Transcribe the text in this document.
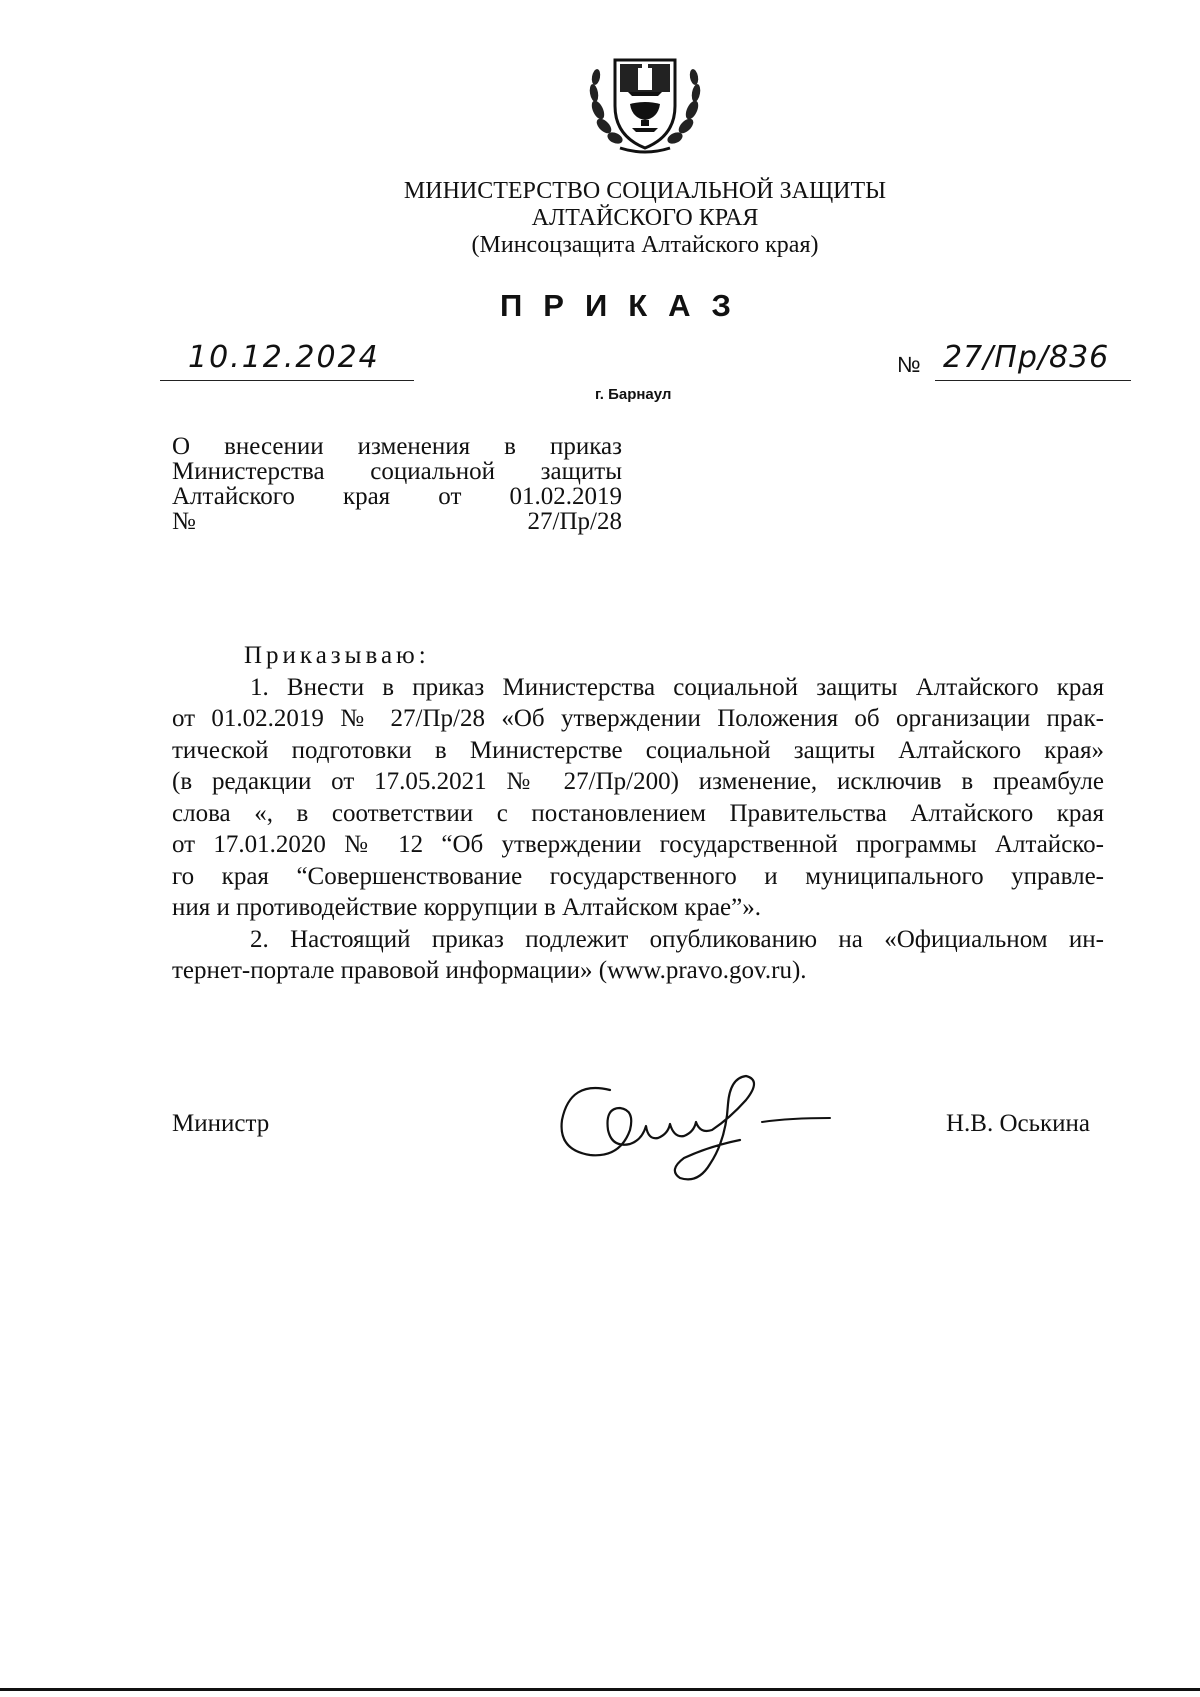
МИНИСТЕРСТВО СОЦИАЛЬНОЙ ЗАЩИТЫ
АЛТАЙСКОГО КРАЯ
(Минсоцзащита Алтайского края)
ПРИКАЗ
10.12.2024	№ 27/Пр/836
г. Барнаул
О внесении изменения в приказ
Министерства социальной защиты
Алтайского края от 01.02.2019
№ 27/Пр/28
Приказываю:
1. Внести в приказ Министерства социальной защиты Алтайского края
от 01.02.2019 № 27/Пр/28 «Об утверждении Положения об организации прак-
тической подготовки в Министерстве социальной защиты Алтайского края»
(в редакции от 17.05.2021 № 27/Пр/200) изменение, исключив в преамбуле
слова «, в соответствии с постановлением Правительства Алтайского края
от 17.01.2020 № 12 “Об утверждении государственной программы Алтайско-
го края “Совершенствование государственного и муниципального управле-
ния и противодействие коррупции в Алтайском крае”».
2. Настоящий приказ подлежит опубликованию на «Официальном ин-
тернет-портале правовой информации» (www.pravo.gov.ru).
Министр	Н.В. Оськина
